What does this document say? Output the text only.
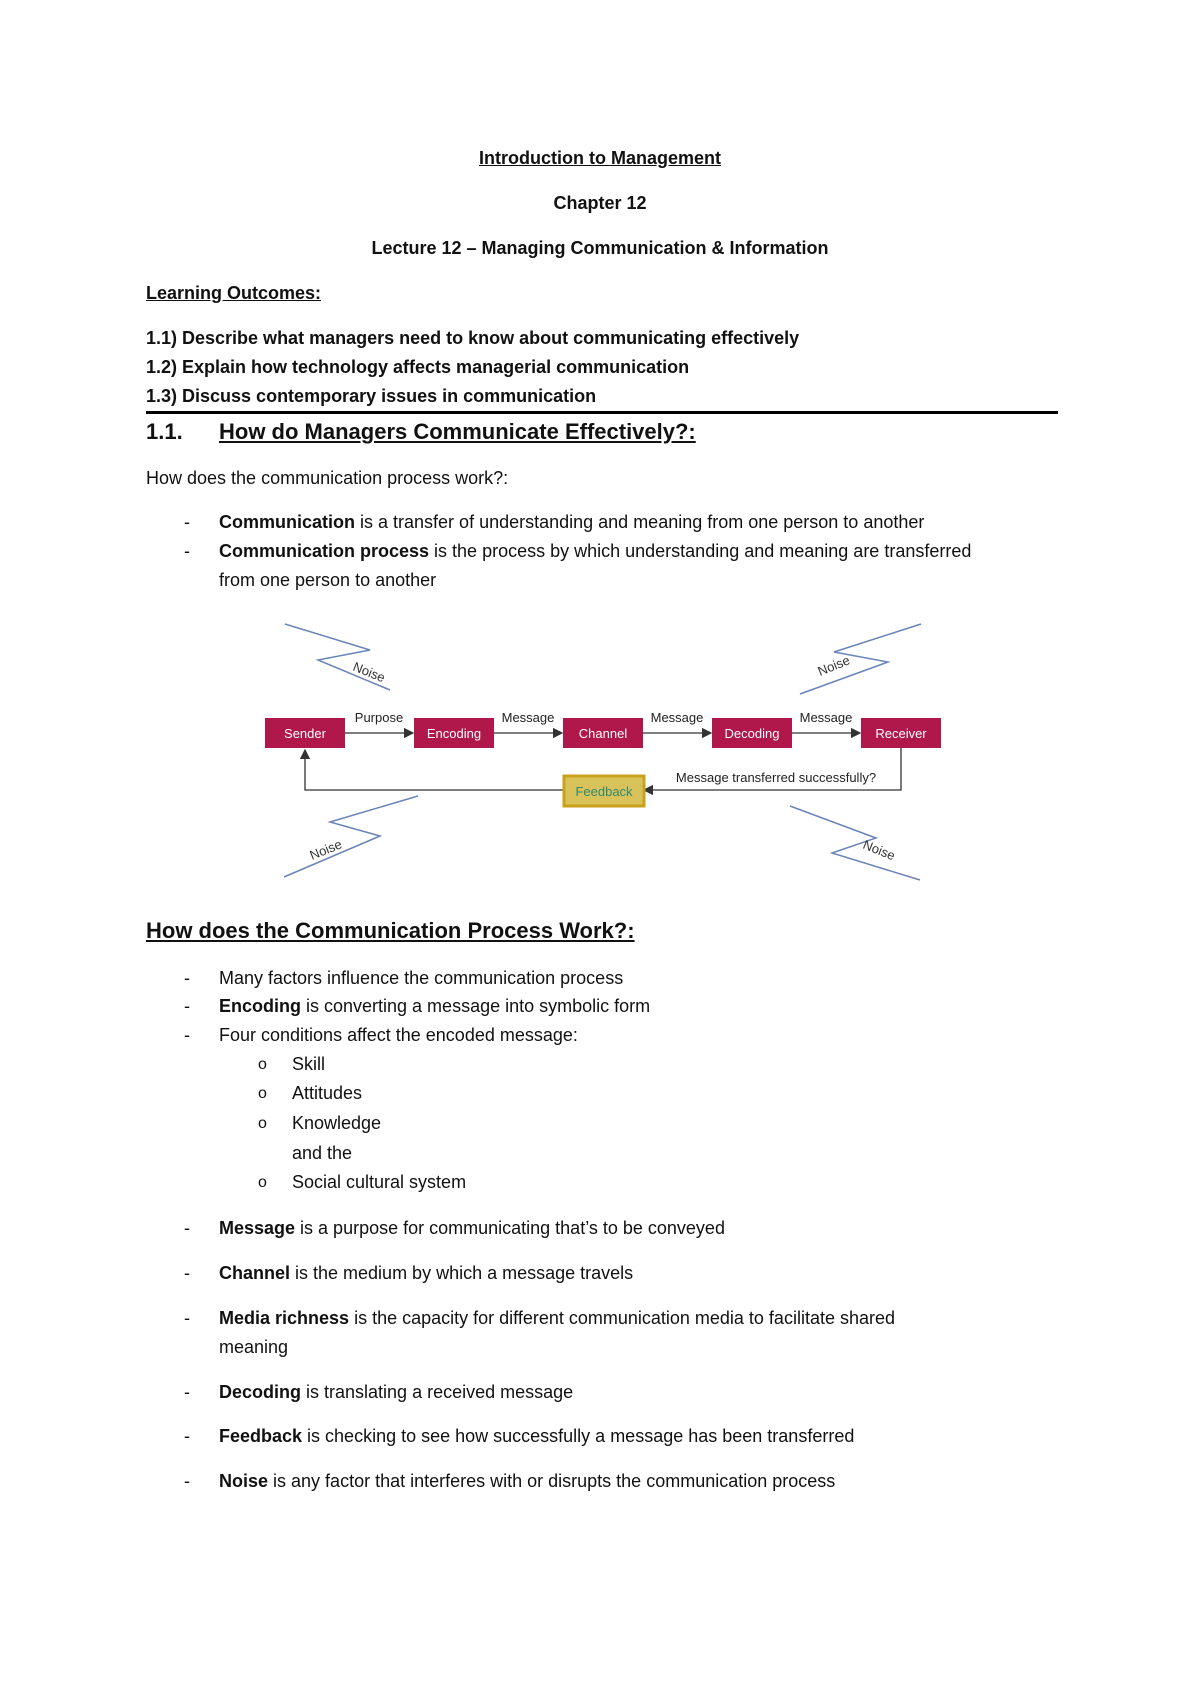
Introduction to Management
Chapter 12
Lecture 12 – Managing Communication & Information
Learning Outcomes:
1.1) Describe what managers need to know about communicating effectively
1.2) Explain how technology affects managerial communication
1.3) Discuss contemporary issues in communication
1.1. How do Managers Communicate Effectively?:
How does the communication process work?:
- Communication is a transfer of understanding and meaning from one person to another
- Communication process is the process by which understanding and meaning are transferred
from one person to another
Noise	Noise
Noise	Noise
Sender	Encoding	Channel	Decoding	Receiver
Purpose	Message	Message	Message
Feedback
Message transferred successfully?
How does the Communication Process Work?:
- Many factors influence the communication process
- Encoding is converting a message into symbolic form
- Four conditions affect the encoded message:
o Skill
o Attitudes
o Knowledge
and the
o Social cultural system
- Message is a purpose for communicating that’s to be conveyed
- Channel is the medium by which a message travels
- Media richness is the capacity for different communication media to facilitate shared
meaning
- Decoding is translating a received message
- Feedback is checking to see how successfully a message has been transferred
- Noise is any factor that interferes with or disrupts the communication process
